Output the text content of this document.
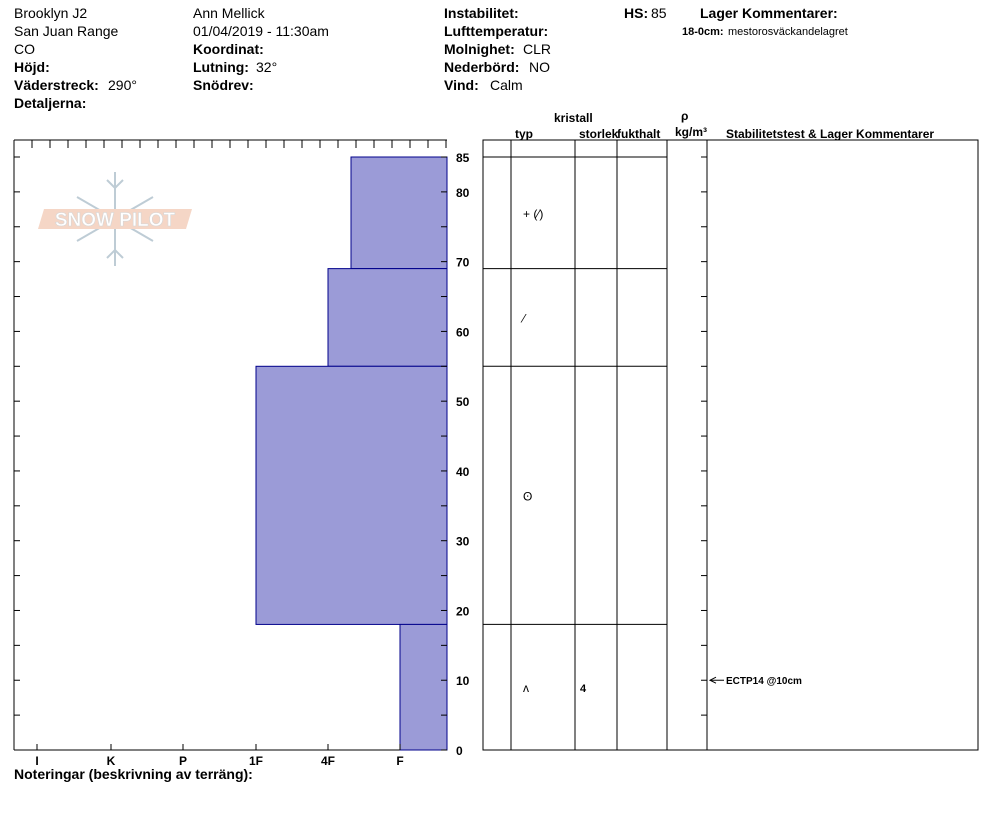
Brooklyn J2
San Juan Range
CO
Höjd:
Väderstreck: 290°
Detaljerna:
Ann Mellick
01/04/2019 - 11:30am
Koordinat:
Lutning: 32°
Snödrev:
Instabilitet:
Lufttemperatur:
Molnighet: CLR
Nederbörd: NO
Vind: Calm
HS: 85 Lager Kommentarer:
18-0cm: mestorosväckandelagret
kristall
typ	storlek
fukthalt
ρ
kg/m³ Stabilitetstest & Lager Kommentarer
Noteringar (beskrivning av terräng):
SNOW PILOT
0
10
20
30
40
50
60
70
80
85
I	K	P	1F	4F	F
+ (⁄)
⁄
ʘ
ʌ	4
ECTP14 @10cm
